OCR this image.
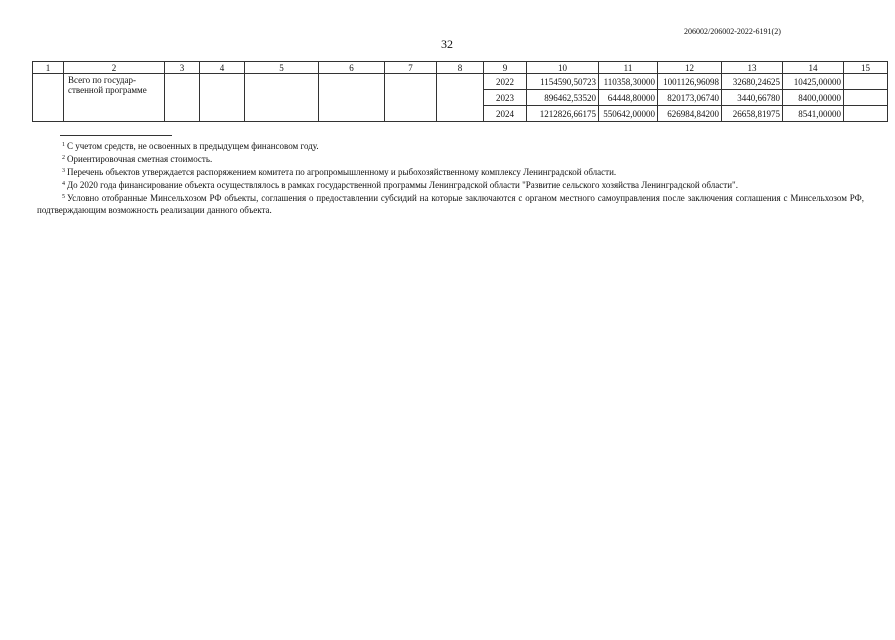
206002/206002-2022-6191(2)
32
1	2	3	4	5	6	7	8	9	10	11	12	13	14	15
	Всего по государ-ственной программе							2022	1154590,50723	110358,30000	1001126,96098	32680,24625	10425,00000	
								2023	896462,53520	64448,80000	820173,06740	3440,66780	8400,00000	
								2024	1212826,66175	550642,00000	626984,84200	26658,81975	8541,00000	

$^1$ С учетом средств, не освоенных в предыдущем финансовом году.

$^2$ Ориентировочная сметная стоимость.

$^3$ Перечень объектов утверждается распоряжением комитета по агропромышленному и рыбохозяйственному комплексу Ленинградской области.

$^4$ До 2020 года финансирование объекта осуществлялось в рамках государственной программы Ленинградской области "Развитие сельского хозяйства Ленинградской области".

$^5$ Условно отобранные Минсельхозом РФ объекты, соглашения о предоставлении субсидий на которые заключаются с органом местного самоуправления после заключения соглашения с Минсельхозом РФ, подтверждающим возможность реализации данного объекта.
